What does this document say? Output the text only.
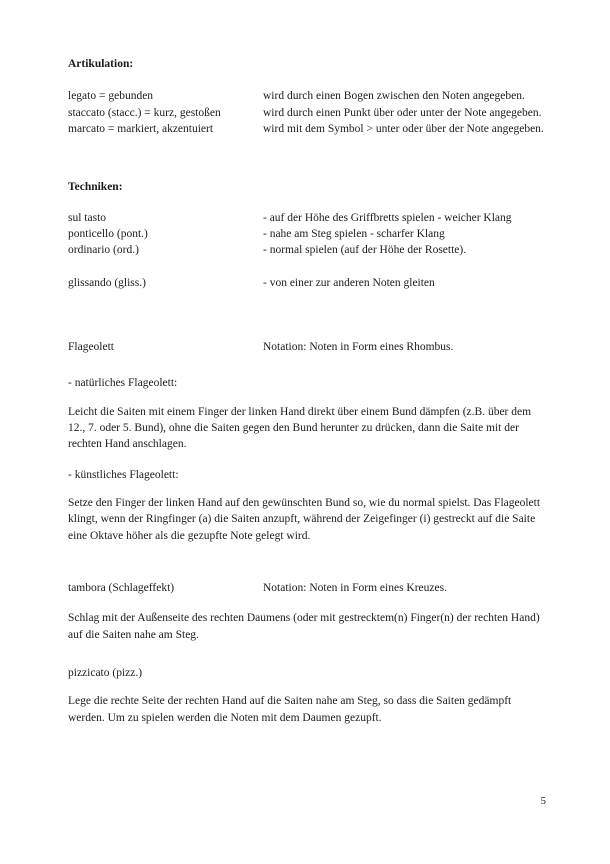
Artikulation:

legato = gebunden	wird durch einen Bogen zwischen den Noten angegeben.
staccato (stacc.) = kurz, gestoßen	wird durch einen Punkt über oder unter der Note angegeben.
marcato = markiert, akzentuiert	wird mit dem Symbol > unter oder über der Note angegeben.

Techniken:

sul tasto	- auf der Höhe des Griffbretts spielen - weicher Klang
ponticello (pont.)	- nahe am Steg spielen - scharfer Klang
ordinario (ord.)	- normal spielen (auf der Höhe der Rosette).
glissando (gliss.)	- von einer zur anderen Noten gleiten
Flageolett	Notation: Noten in Form eines Rhombus.

- natürliches Flageolett:

Leicht die Saiten mit einem Finger der linken Hand direkt über einem Bund dämpfen (z.B. über dem 12., 7. oder 5. Bund), ohne die Saiten gegen den Bund herunter zu drücken, dann die Saite mit der rechten Hand anschlagen.

- künstliches Flageolett:

Setze den Finger der linken Hand auf den gewünschten Bund so, wie du normal spielst. Das Flageolett klingt, wenn der Ringfinger (a) die Saiten anzupft, während der Zeigefinger (i) gestreckt auf die Saite eine Oktave höher als die gezupfte Note gelegt wird.

tambora (Schlageffekt)	Notation: Noten in Form eines Kreuzes.

Schlag mit der Außenseite des rechten Daumens (oder mit gestrecktem(n) Finger(n) der rechten Hand) auf die Saiten nahe am Steg.

pizzicato (pizz.)

Lege die rechte Seite der rechten Hand auf die Saiten nahe am Steg, so dass die Saiten gedämpft werden. Um zu spielen werden die Noten mit dem Daumen gezupft.

5
